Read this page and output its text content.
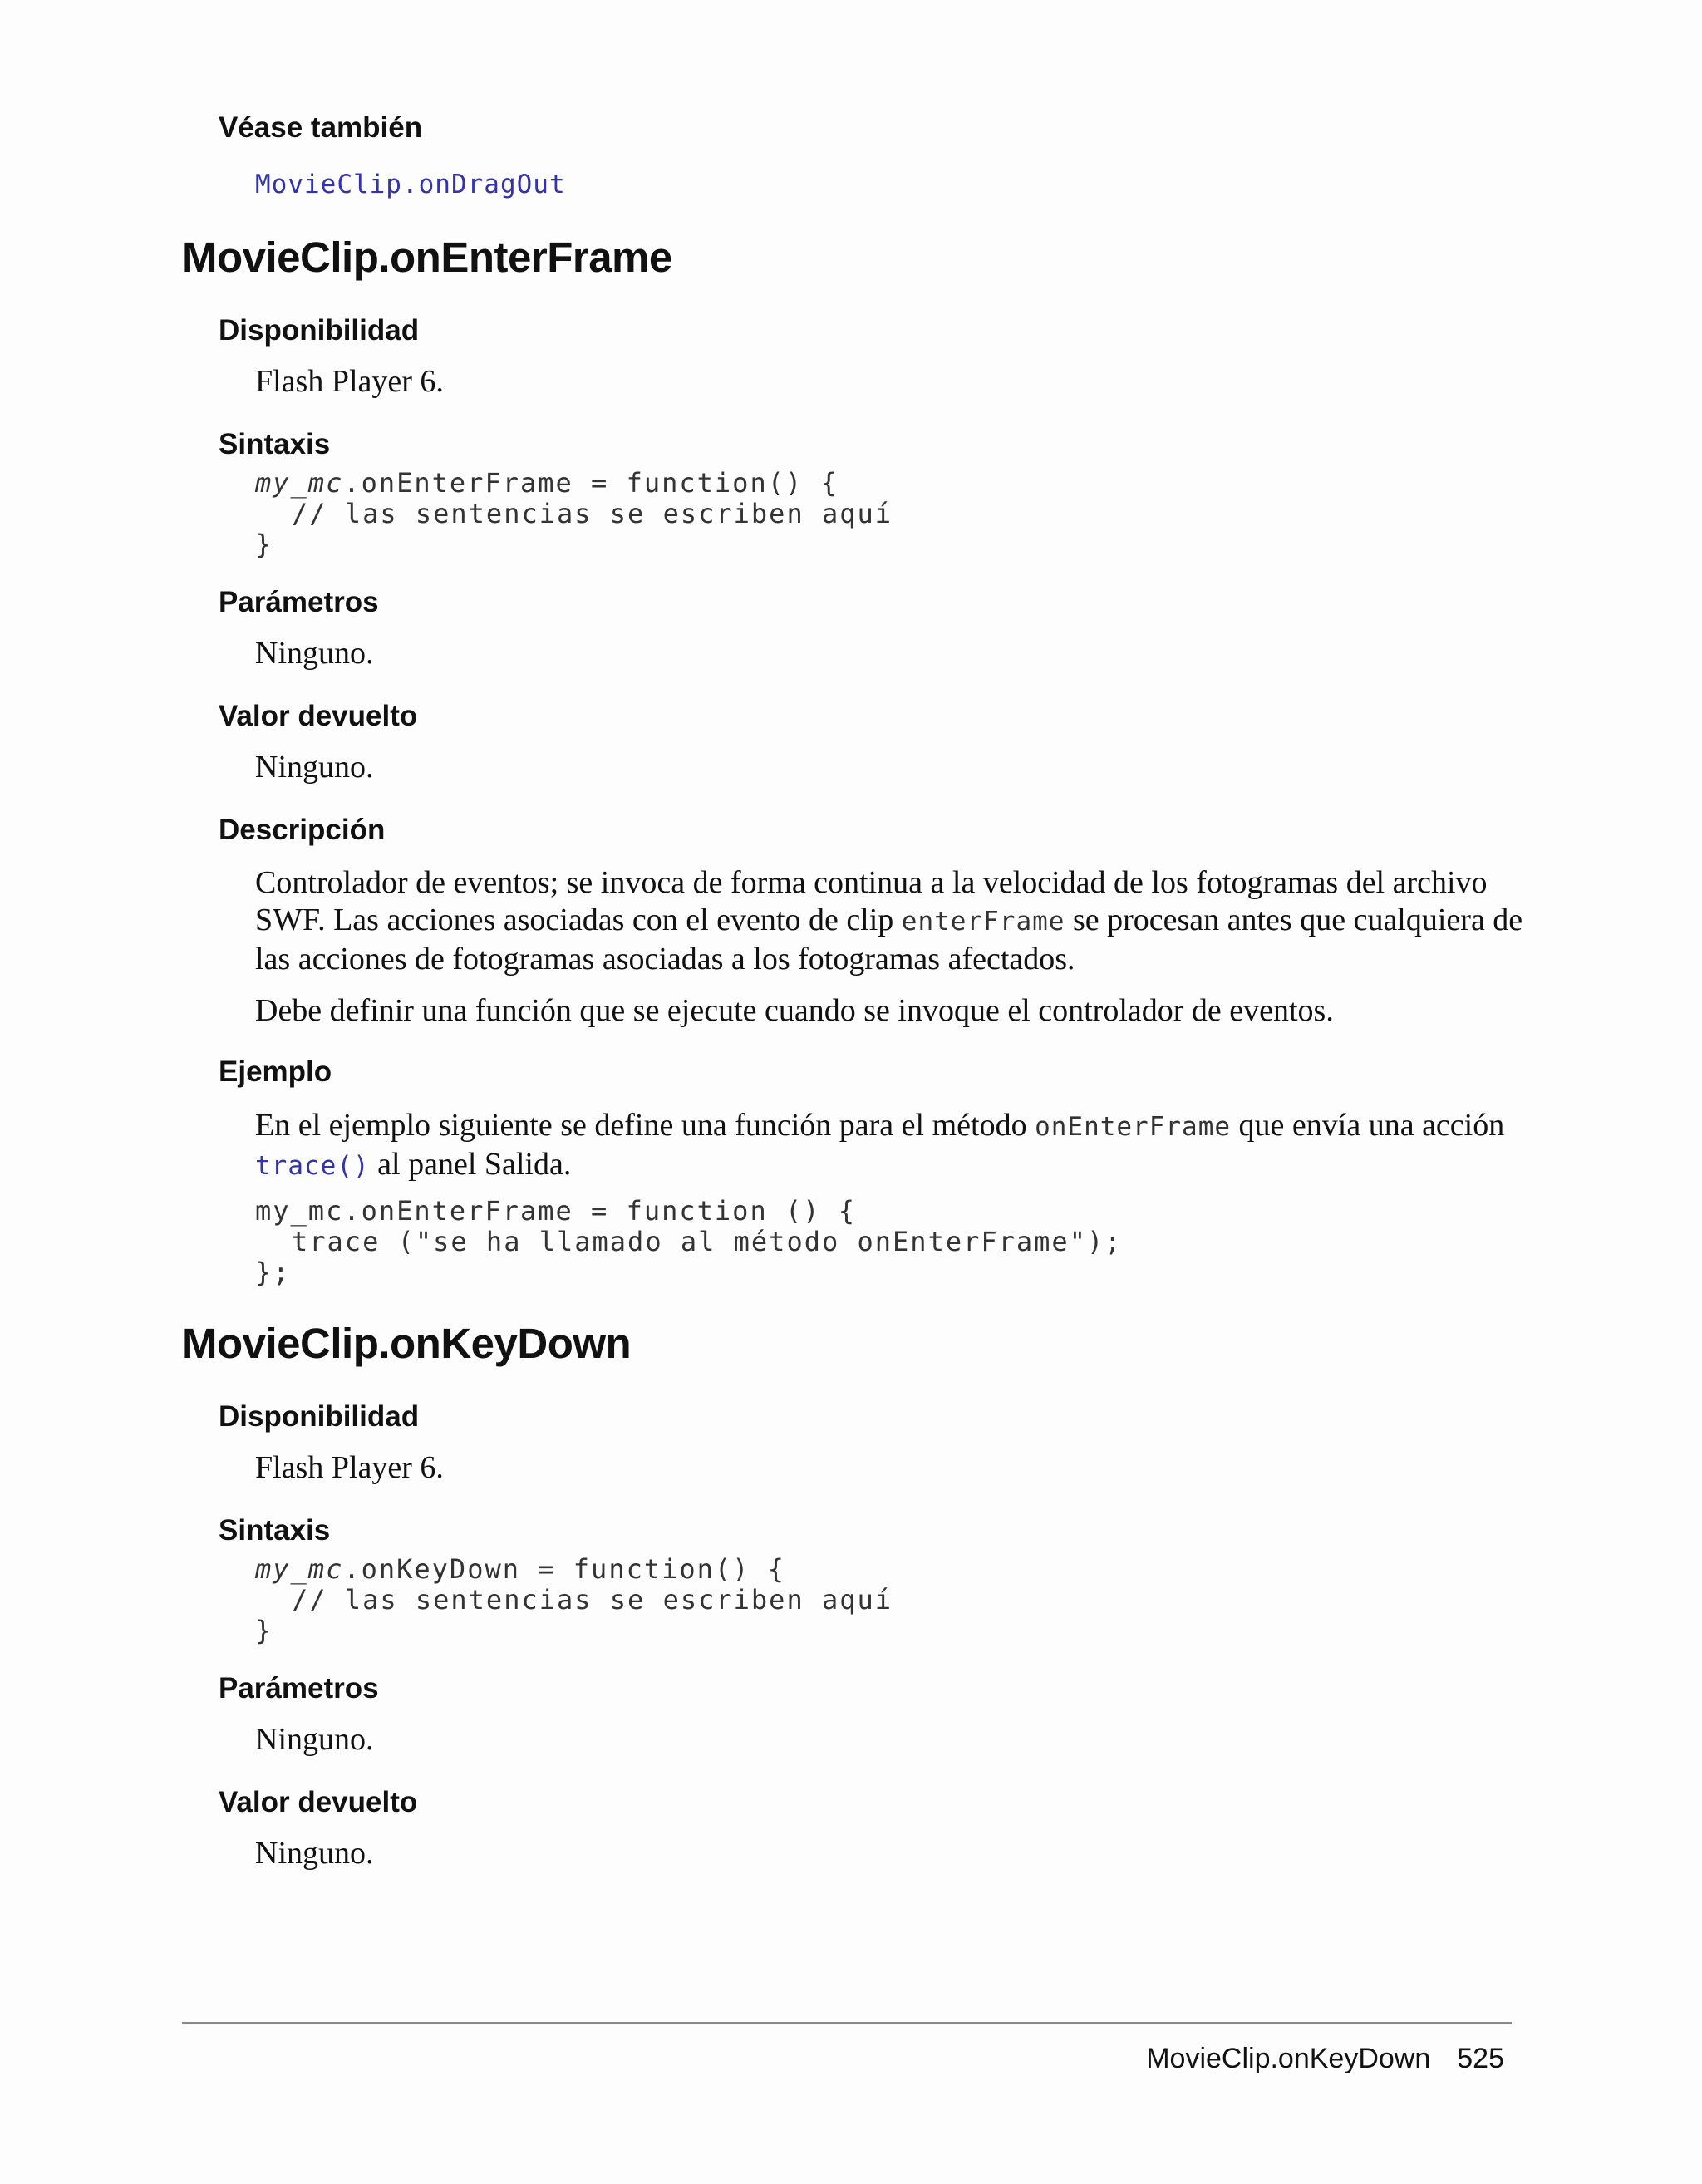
Véase también
MovieClip.onDragOut
MovieClip.onEnterFrame
Disponibilidad

Flash Player 6.

Sintaxis
my_mc.onEnterFrame = function() {
// las sentencias se escriben aquí
}
Parámetros

Ninguno.

Valor devuelto

Ninguno.

Descripción

Controlador de eventos; se invoca de forma continua a la velocidad de los fotogramas del archivo SWF. Las acciones asociadas con el evento de clip enterFrame se procesan antes que cualquiera de las acciones de fotogramas asociadas a los fotogramas afectados.

Debe definir una función que se ejecute cuando se invoque el controlador de eventos.

Ejemplo

En el ejemplo siguiente se define una función para el método onEnterFrame que envía una acción trace() al panel Salida.

my_mc.onEnterFrame = function () {
trace ("se ha llamado al método onEnterFrame");
};
MovieClip.onKeyDown
Disponibilidad

Flash Player 6.

Sintaxis
my_mc.onKeyDown = function() {
// las sentencias se escriben aquí
}
Parámetros

Ninguno.

Valor devuelto

Ninguno.

MovieClip.onKeyDown 525
